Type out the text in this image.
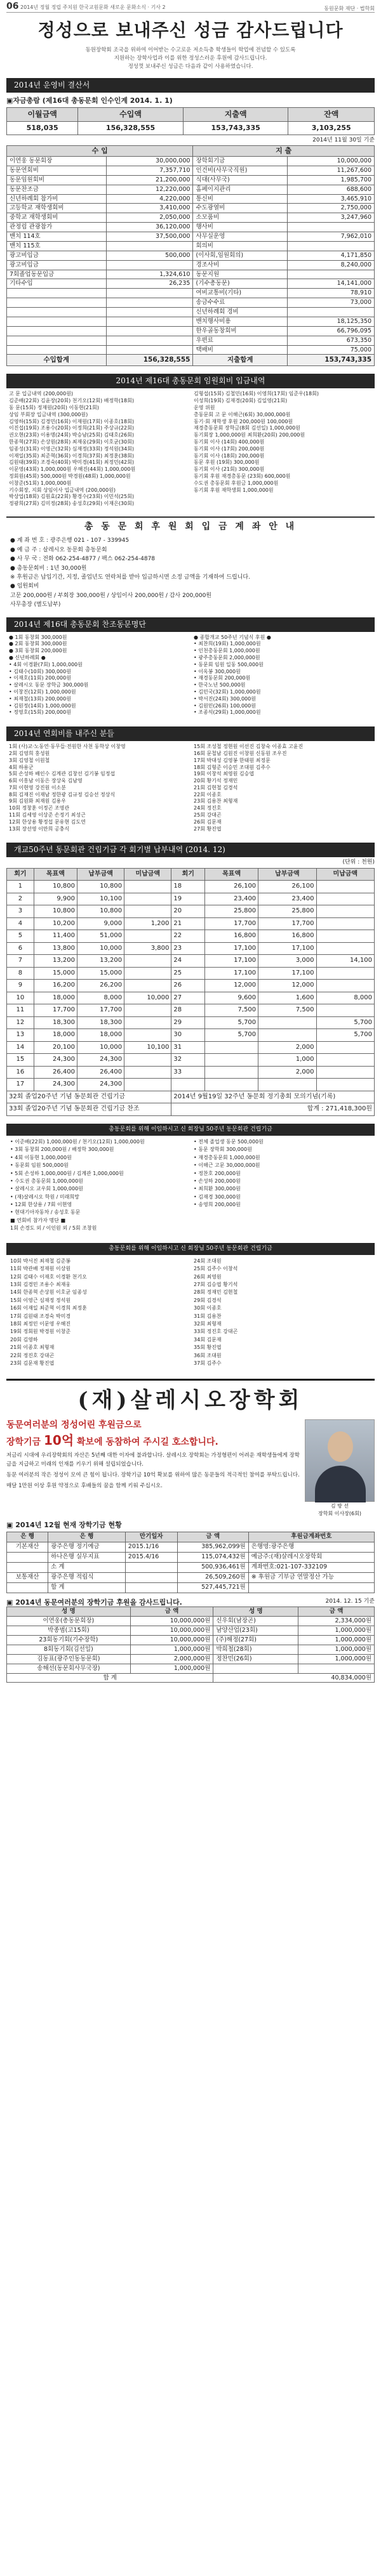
06 2014년 정월 정립 주치원 한국교원문화 새로운 문화소식 · 기사 2	동원문화 재단 · 법학회
정성으로 보내주신 성금 감사드립니다
동원장학회 조국을 위하여 이어받는 수고로운 저소득층 학생들이 학업에 전념할 수 있도록
지원하는 장학사업과 이를 위한 정성스러운 후원에 감사드립니다.
정성껏 보내주신 성금은 다음과 같이 사용하였습니다.
2014년 운영비 결산서
▣자금총람 (제16대 총동문회 인수인계 2014. 1. 1)
이월금액	수입액	지출액	잔액
518,035	156,328,555	153,743,335	3,103,255
2014년 11월 30일 기준
수 입		지 출	
이연웅 동문회장	30,000,000	장학회기금	10,000,000
동문연회비	7,357,710	인건비(사무국직원)	11,267,600
동문임원회비	21,200,000	식대(사무국)	1,985,700
동문찬조금	12,220,000	홈페이지관리	688,600
신년하례회 참가비	4,220,000	통신비	3,465,910
고등학교 재학생회비	3,410,000	수도광열비	2,750,000
중학교 재학생회비	2,050,000	소모품비	3,247,960
관정림 관광참가	36,120,000	행사비	
밴치 114호	37,500,000	사무실운영	7,962,010
밴치 115호		회의비	
광고비입금	500,000	(이사회,임원회의)	4,171,850
광고비입금		경조사비	8,240,000
7회졸업동문입금	1,324,610	동문지원	
기타수입	26,235	(기수총동문)	14,141,000
		여비교통비(기타)	78,910
		송금수수료	73,000
		신년하례회 경비	
		밴치행사비용	18,125,350
		한우골동창회비	66,796,095
		우편료	673,350
		택배비	75,000
수입합계	156,328,555	지출합계	153,743,335
2014년 제16대 총동문회 임원회비 입금내역
고 문 입금내역 (200,000원)
김준배(22회) 김윤장(20회) 천기오(12회) 배정학(18회)
동 문(15회) 정재원(20회) 이동현(21회)
상임 부회장 입금내역 (300,000원)
김영하(15회) 김경민(16회) 이재원(17회) 이종호(18회)
이진섭(19회) 조용수(20회) 이정희(21회) 주상규(22회)
권오현(23회) 이용명(24회) 박승남(25회) 김태호(26회)
한종혁(27회) 손상원(28회) 최재웅(29회) 이호균(30회)
임종성(31회) 이영근(32회) 심재정(33회) 정석원(34회)
이재일(35회) 최준혁(36회) 이경희(37회) 최정훈(38회)
김원태(39회) 조경숙(40회) 박미경(41회) 최정민(42회)
이문영(43회) 1,000,000원 우해진(44회) 1,000,000원
정회원(45회) 500,000원 박경원(48회) 1,000,000원
이창준(51회) 1,000,000원
기수회장, 지회 상임이사 입금내역 (200,000원)
박상업(18회) 김원효(22회) 황경수(23회) 이민석(25회)
정광희(27회) 김미정(28회) 송성호(29회) 이재은(30회)
김형섭(15회) 김철민(16회) 이영희(17회) 임준우(18회)
이성희(19회) 김재경(20회) 김일영(21회)
운영 위원
총동문회 고 문 이해근(6회) 30,000,000원
동기·회 재학생 후원 200,000원 100,000원
재경총동문회 장학금(8회 김선일) 1,000,000원
동기회장 1,000,000원 최희환(20회) 200,000원
동기회 이사 (14회) 400,000원
동기회 이사 (17회) 200,000원
동기회 이사 (18회) 200,000원
동문 후원 (19회) 300,000원
동기회 이사 (21회) 300,000원
동기회 후원 재경총동문 (23회) 600,000원
수도권 총동문회 후원금 1,000,000원
동기회 후원 재학생회 1,000,000원
총 동 문 회 후 원 회 입 금 계 좌 안 내
● 계 좌 번 호 : 광주은행 021 - 107 - 339945
● 예 금 주 : 살레시오 동문회 총동문회
● 사 무 국 : 전화 062-254-4877 / 팩스 062-254-4878
● 총동문회비 : 1년 30,000원
※ 후원금은 납입기간, 지정, 졸업년도 연락처를 받아 입금하시면 소정 금액을 기재하여 드립니다.
● 임원회비
고문 200,000원 / 부회장 300,000원 / 상임이사 200,000원 / 감사 200,000원
사무총장 (별도납부)
2014년 제16대 총동문회 찬조동문명단
● 1회 동창회 300,000원
● 2회 동창회 300,000원
● 3회 동창회 200,000원
● 신년하례회 ●
• 4회 이경환(7회) 1,000,000원
• 김태수(10회) 300,000원
• 이재호(11회) 200,000원
• 살레시오 동문 장학금 300,000원
• 이창진(12회) 1,000,000원
• 최재철(13회) 200,000원
• 김원정(14회) 1,000,000원
• 정영호(15회) 200,000원
● 종합개교 50주년 기념식 후원 ●
• 최찬희(19회) 1,000,000원
• 인천총동문회 1,000,000원
• 광주총동문회 2,000,000원
• 동문회 임원 일동 500,000원
• 이옥봉 300,000원
• 재경동문회 200,000원
• 한국노년 500,000원
• 김민국(32회) 1,000,000원
• 박서진(24회) 300,000원
• 김원민(26회) 100,000원
• 조종석(29회) 1,000,000원
2014년 연회비를 내주신 분들
1회 (사)교·노동연·동무들·전원한 사천 동학상 이창영
2회 김영희 홍성원
3회 김영철 이원철
4회 하용군
5회 손성하 배인수 김계관 김창선 김기봉 임정섭
6회 이흥남 이동은 장상욱 김남영
7회 이현영 강진원 이소분
8회 김재진 이재남 정한광 김규정 김승선 정상식
9회 김원화 최재원 김용우
10회 정창훈 이정곤 조영관
11회 김세영 이상준 손정기 최성근
12회 한상용 황정섭 문유현 김도연
13회 장선영 이만희 공충식
15회 조성철 정현원 이선진 김창숙 이종효 고윤진
16회 문철남 김원진 이창원 신동원 조우진
17회 박대성 김영봉 한태원 최정문
18회 김형준 이승민 조대원 김주수
19회 이창석 최영원 김승엽
20회 황기석 정재민
21회 김현철 김경석
22회 이종호
23회 김용찬 최형재
24회 정진호
25회 강대곤
26회 김문재
27회 황진엽
개교50주년 동문회관 건립기금 각 회기별 납부내역 (2014. 12)
(단위 : 천원)
회기	목표액	납부금액	미납금액	회기	목표액	납부금액	미납금액
1	10,800	10,800		18	26,100	26,100	
2	9,900	10,100		19	23,400	23,400	
3	10,800	10,800		20	25,800	25,800	
4	10,200	9,000	1,200	21	17,700	17,700	
5	11,400	51,000		22	16,800	16,800	
6	13,800	10,000	3,800	23	17,100	17,100	
7	13,200	13,200		24	17,100	3,000	14,100
8	15,000	15,000		25	17,100	17,100	
9	16,200	26,200		26	12,000	12,000	
10	18,000	8,000	10,000	27	9,600	1,600	8,000
11	17,700	17,700		28	7,500	7,500	
12	18,300	18,300		29	5,700		5,700
13	18,000	18,000		30	5,700		5,700
14	20,100	10,000	10,100	31		2,000	
15	24,300	24,300		32		1,000	
16	26,400	26,400		33		2,000	
17	24,300	24,300					
32회 졸업20주년 기념 동문회관 건립기금				2014년 9월19일 32주년 동문회 정기총회 모의기념(기록)			
33회 졸업20주년 기념 동문회관 건립기금 찬조				합계 : 271,418,300원			
총동문회를 위해 이임하시고 신 회장님 50주년 동문회관 건립기금
• 이준배(22회) 1,000,000원 / 천기오(12회) 1,000,000원
• 3회 동창회 200,000원 / 배정학 300,000원
• 4회 이동현 1,000,000원
• 동문회 임원 500,000원
• 5회 손성하 1,000,000원 / 김계관 1,000,000원
• 수도권 총동문회 1,000,000원
• 살레시오 교우회 1,000,000원
• (재)살레시오 학원 / 미래희망
• 12회 한상용 / 7회 이현영
• 현대기아자동차 / 송성호 동문
■ 연회비 참가자 명단 ■
1회 손경도 외 / 이인원 외 / 5회 조창원
• 전체 졸업생 동문 500,000원
• 동문 장학회 300,000원
• 재경총동문회 1,000,000원
• 이해근 고문 30,000,000원
• 정찬호 200,000원
• 손성하 200,000원
• 최희환 300,000원
• 김재경 300,000원
• 송영희 200,000원
총동문회를 위해 이임하시고 신 회장님 50주년 동문회관 건립기금
10회 박서진 최재철 김준봉
11회 박관배 정재원 이상원
12회 김태수 이재호 이경환 천기오
13회 김경민 조용수 최재웅
14회 한종혁 손상원 이호균 임종성
15회 이영근 심재정 정석원
16회 이재일 최준혁 이경희 최정훈
17회 김원태 조경숙 박미경
18회 최정민 이문영 우해진
19회 정회원 박경원 이창준
20회 김영하
21회 이종호 최형재
22회 정진호 강대곤
23회 김문재 황진엽
24회 조대원
25회 김주수 이창석
26회 최영원
27회 김승엽 황기석
28회 정재민 김현철
29회 김경석
30회 이종호
31회 김용찬
32회 최형재
33회 정진호 강대곤
34회 김문재
35회 황진엽
36회 조대원
37회 김주수
(재)살레시오장학회
동문여러분의 정성어린 후원금으로
장학기금 10억 확보에 동참하여 주시길 호소합니다.

저금리 시대에 우리장학회의 자산은 5년째 대한 이자에 불과합니다. 살레시오 장학회는 가정형편이 어려운 재학생들에게 장학금을 지급하고 미래의 인재를 키우기 위해 설립되었습니다.

동문 여러분의 작은 정성이 모여 큰 힘이 됩니다. 장학기금 10억 확보를 위하여 많은 동문들의 적극적인 참여를 부탁드립니다.

매달 1만원 이상 후원 약정으로 후배들의 꿈을 함께 키워 주십시오.

김 방 선
장학회 이사장(6회)
▣ 2014년 12월 현재 장학기금 현황
은 행	은 행	만기일자	금 액	후원금계좌번호
기본재산	광주은행 정기예금	2015.1/16	385,962,099원	은행명:광주은행
	하나은행 실무지표	2015.4/16	115,074,432원	예금주:(재)살레시오장학회
	소 계		500,936,461원	계좌번호:021-107-332109
보통재산	광주은행 적립식		26,509,260원	※ 후원금 기부금 연말정산 가능
	합 계		527,445,721원	
▣ 2014년 동문여러분의 장학기금 후원을 감사드립니다.	2014. 12. 15 기준
성 명	금 액	성 명	금 액
이연웅(총동문회장)	10,000,000원	신우회(남장곤)	2,334,000원
박종범(고15회)	10,000,000원	남양산업(23회)	1,000,000원
23회동기회(기수장학)	10,000,000원	(주)해정(27회)	1,000,000원
8회동기회(김선일)	1,000,000원	박희철(28회)	1,000,000원
김동표(광주인동동문회)	2,000,000원	정찬민(26회)	1,000,000원
송해선(동문회사무국장)	1,000,000원		
합 계		40,834,000원	
